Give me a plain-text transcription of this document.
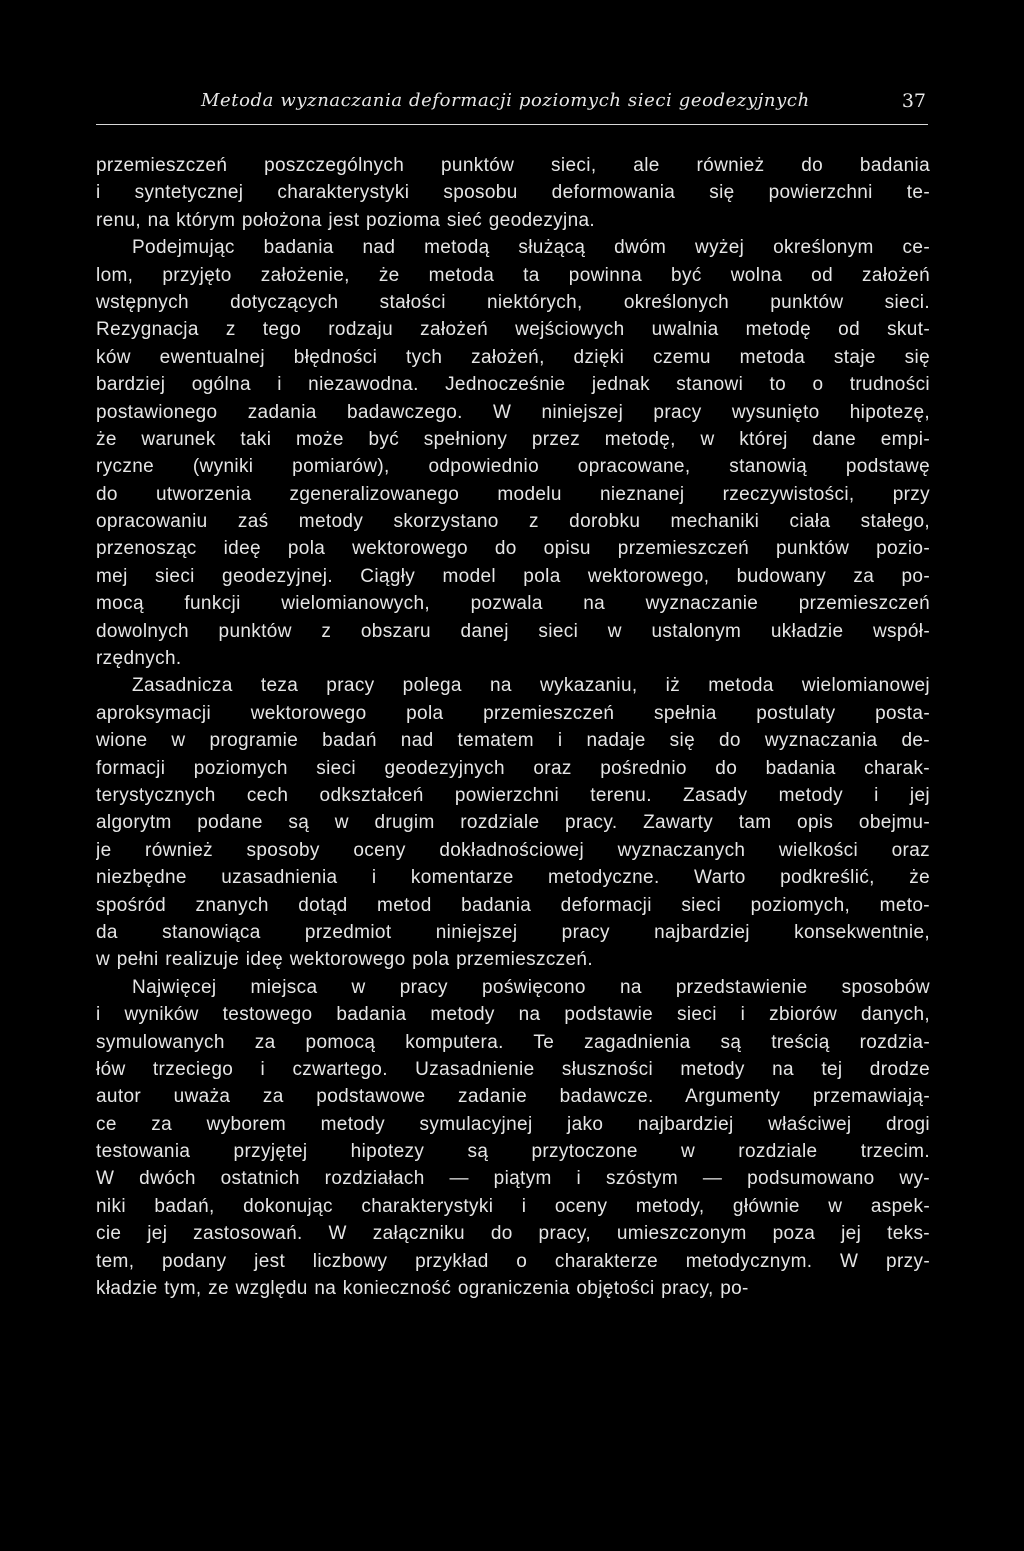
Metoda wyznaczania deformacji poziomych sieci geodezyjnych	37
przemieszczeń poszczególnych punktów sieci, ale również do badania
i syntetycznej charakterystyki sposobu deformowania się powierzchni te-
renu, na którym położona jest pozioma sieć geodezyjna.
Podejmując badania nad metodą służącą dwóm wyżej określonym ce-
lom, przyjęto założenie, że metoda ta powinna być wolna od założeń
wstępnych dotyczących stałości niektórych, określonych punktów sieci.
Rezygnacja z tego rodzaju założeń wejściowych uwalnia metodę od skut-
ków ewentualnej błędności tych założeń, dzięki czemu metoda staje się
bardziej ogólna i niezawodna. Jednocześnie jednak stanowi to o trudności
postawionego zadania badawczego. W niniejszej pracy wysunięto hipotezę,
że warunek taki może być spełniony przez metodę, w której dane empi-
ryczne (wyniki pomiarów), odpowiednio opracowane, stanowią podstawę
do utworzenia zgeneralizowanego modelu nieznanej rzeczywistości, przy
opracowaniu zaś metody skorzystano z dorobku mechaniki ciała stałego,
przenosząc ideę pola wektorowego do opisu przemieszczeń punktów pozio-
mej sieci geodezyjnej. Ciągły model pola wektorowego, budowany za po-
mocą funkcji wielomianowych, pozwala na wyznaczanie przemieszczeń
dowolnych punktów z obszaru danej sieci w ustalonym układzie współ-
rzędnych.
Zasadnicza teza pracy polega na wykazaniu, iż metoda wielomianowej
aproksymacji wektorowego pola przemieszczeń spełnia postulaty posta-
wione w programie badań nad tematem i nadaje się do wyznaczania de-
formacji poziomych sieci geodezyjnych oraz pośrednio do badania charak-
terystycznych cech odkształceń powierzchni terenu. Zasady metody i jej
algorytm podane są w drugim rozdziale pracy. Zawarty tam opis obejmu-
je również sposoby oceny dokładnościowej wyznaczanych wielkości oraz
niezbędne uzasadnienia i komentarze metodyczne. Warto podkreślić, że
spośród znanych dotąd metod badania deformacji sieci poziomych, meto-
da stanowiąca przedmiot niniejszej pracy najbardziej konsekwentnie,
w pełni realizuje ideę wektorowego pola przemieszczeń.
Najwięcej miejsca w pracy poświęcono na przedstawienie sposobów
i wyników testowego badania metody na podstawie sieci i zbiorów danych,
symulowanych za pomocą komputera. Te zagadnienia są treścią rozdzia-
łów trzeciego i czwartego. Uzasadnienie słuszności metody na tej drodze
autor uważa za podstawowe zadanie badawcze. Argumenty przemawiają-
ce za wyborem metody symulacyjnej jako najbardziej właściwej drogi
testowania przyjętej hipotezy są przytoczone w rozdziale trzecim.
W dwóch ostatnich rozdziałach — piątym i szóstym — podsumowano wy-
niki badań, dokonując charakterystyki i oceny metody, głównie w aspek-
cie jej zastosowań. W załączniku do pracy, umieszczonym poza jej teks-
tem, podany jest liczbowy przykład o charakterze metodycznym. W przy-
kładzie tym, ze względu na konieczność ograniczenia objętości pracy, po-
